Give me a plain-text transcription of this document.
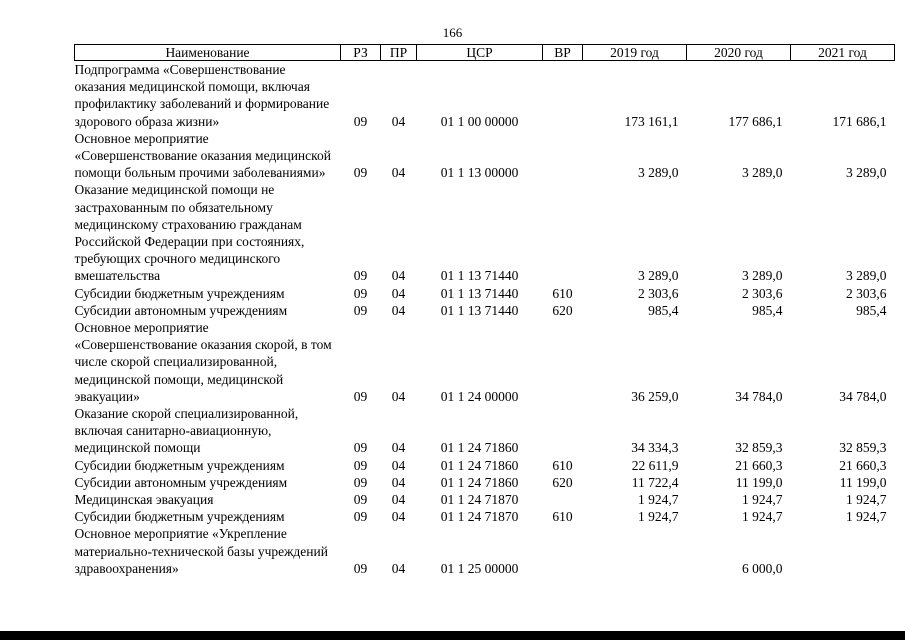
166
Наименование	РЗ	ПР	ЦСР	ВР	2019 год	2020 год	2021 год
Подпрограмма «Совершенствование оказания медицинской помощи, включая профилактику заболеваний и формирование здорового образа жизни»	09	04	01 1 00 00000		173 161,1	177 686,1	171 686,1
Основное мероприятие «Совершенствование оказания медицинской помощи больным прочими заболеваниями»	09	04	01 1 13 00000		3 289,0	3 289,0	3 289,0
Оказание медицинской помощи не застрахованным по обязательному медицинскому страхованию гражданам Российской Федерации при состояниях, требующих срочного медицинского вмешательства	09	04	01 1 13 71440		3 289,0	3 289,0	3 289,0
Субсидии бюджетным учреждениям	09	04	01 1 13 71440	610	2 303,6	2 303,6	2 303,6
Субсидии автономным учреждениям	09	04	01 1 13 71440	620	985,4	985,4	985,4
Основное мероприятие «Совершенствование оказания скорой, в том числе скорой специализированной, медицинской помощи, медицинской эвакуации»	09	04	01 1 24 00000		36 259,0	34 784,0	34 784,0
Оказание скорой специализированной, включая санитарно-авиационную, медицинской помощи	09	04	01 1 24 71860		34 334,3	32 859,3	32 859,3
Субсидии бюджетным учреждениям	09	04	01 1 24 71860	610	22 611,9	21 660,3	21 660,3
Субсидии автономным учреждениям	09	04	01 1 24 71860	620	11 722,4	11 199,0	11 199,0
Медицинская эвакуация	09	04	01 1 24 71870		1 924,7	1 924,7	1 924,7
Субсидии бюджетным учреждениям	09	04	01 1 24 71870	610	1 924,7	1 924,7	1 924,7
Основное мероприятие «Укрепление материально-технической базы учреждений здравоохранения»	09	04	01 1 25 00000			6 000,0	
